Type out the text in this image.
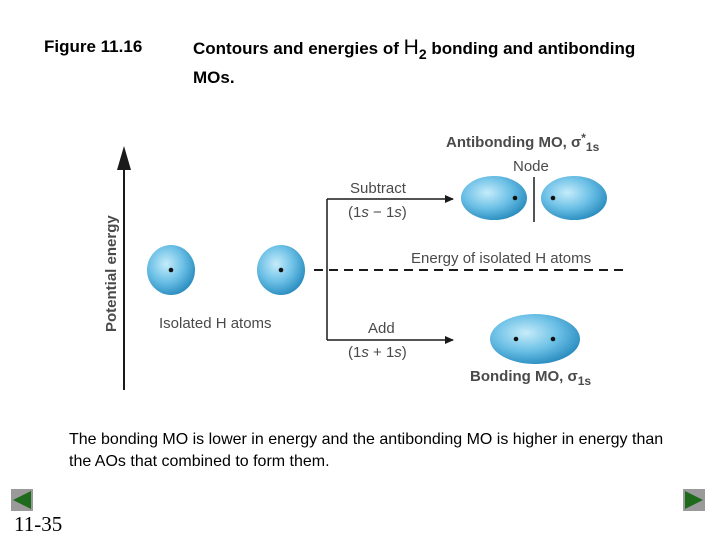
Figure 11.16	Contours and energies of $H_2$ bonding and antibonding MOs.
Potential energy	Isolated H atoms
Energy of isolated H atoms
Subtract
(1s − 1s)
Add
(1s + 1s)
Antibonding MO, $\sigma^*_{1s}$
Node
Bonding MO, $\sigma_{1s}$
The bonding MO is lower in energy and the antibonding MO is higher in energy than the AOs that combined to form them.
11-35
